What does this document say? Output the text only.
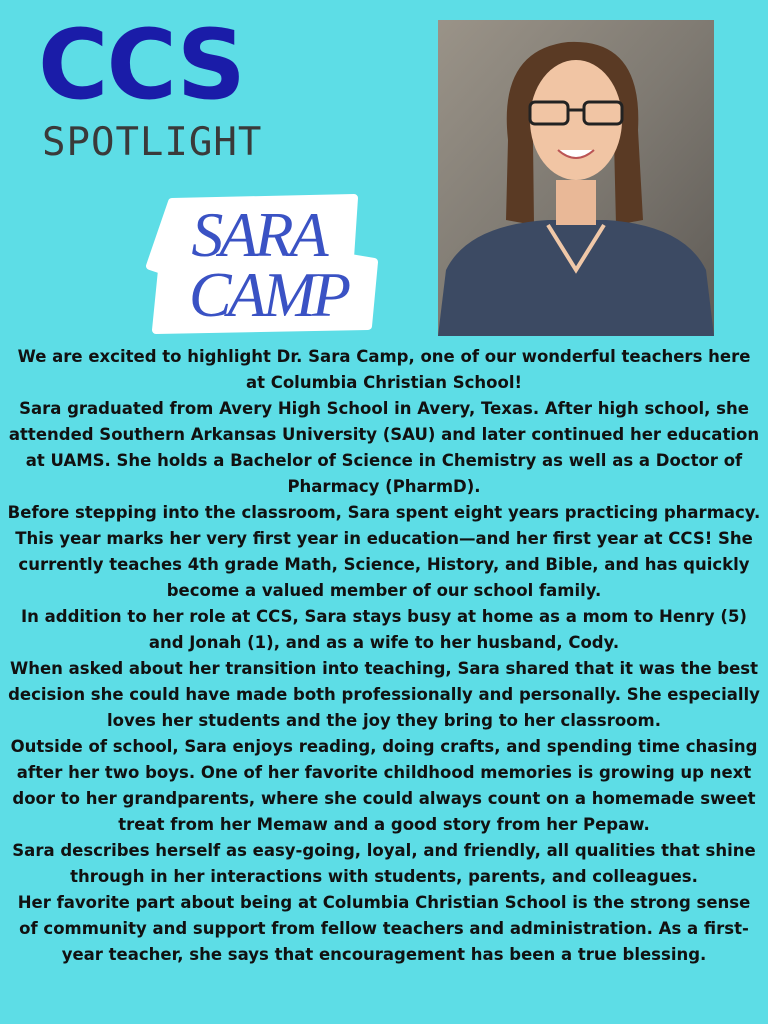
CCS
SPOTLIGHT
SARA
CAMP

We are excited to highlight Dr. Sara Camp, one of our wonderful teachers here at Columbia Christian School!

Sara graduated from Avery High School in Avery, Texas. After high school, she attended Southern Arkansas University (SAU) and later continued her education at UAMS. She holds a Bachelor of Science in Chemistry as well as a Doctor of Pharmacy (PharmD).

Before stepping into the classroom, Sara spent eight years practicing pharmacy. This year marks her very first year in education—and her first year at CCS! She currently teaches 4th grade Math, Science, History, and Bible, and has quickly become a valued member of our school family.

In addition to her role at CCS, Sara stays busy at home as a mom to Henry (5) and Jonah (1), and as a wife to her husband, Cody.

When asked about her transition into teaching, Sara shared that it was the best decision she could have made both professionally and personally. She especially loves her students and the joy they bring to her classroom.

Outside of school, Sara enjoys reading, doing crafts, and spending time chasing after her two boys. One of her favorite childhood memories is growing up next door to her grandparents, where she could always count on a homemade sweet treat from her Memaw and a good story from her Pepaw.

Sara describes herself as easy-going, loyal, and friendly, all qualities that shine through in her interactions with students, parents, and colleagues.

Her favorite part about being at Columbia Christian School is the strong sense of community and support from fellow teachers and administration. As a first-year teacher, she says that encouragement has been a true blessing.
